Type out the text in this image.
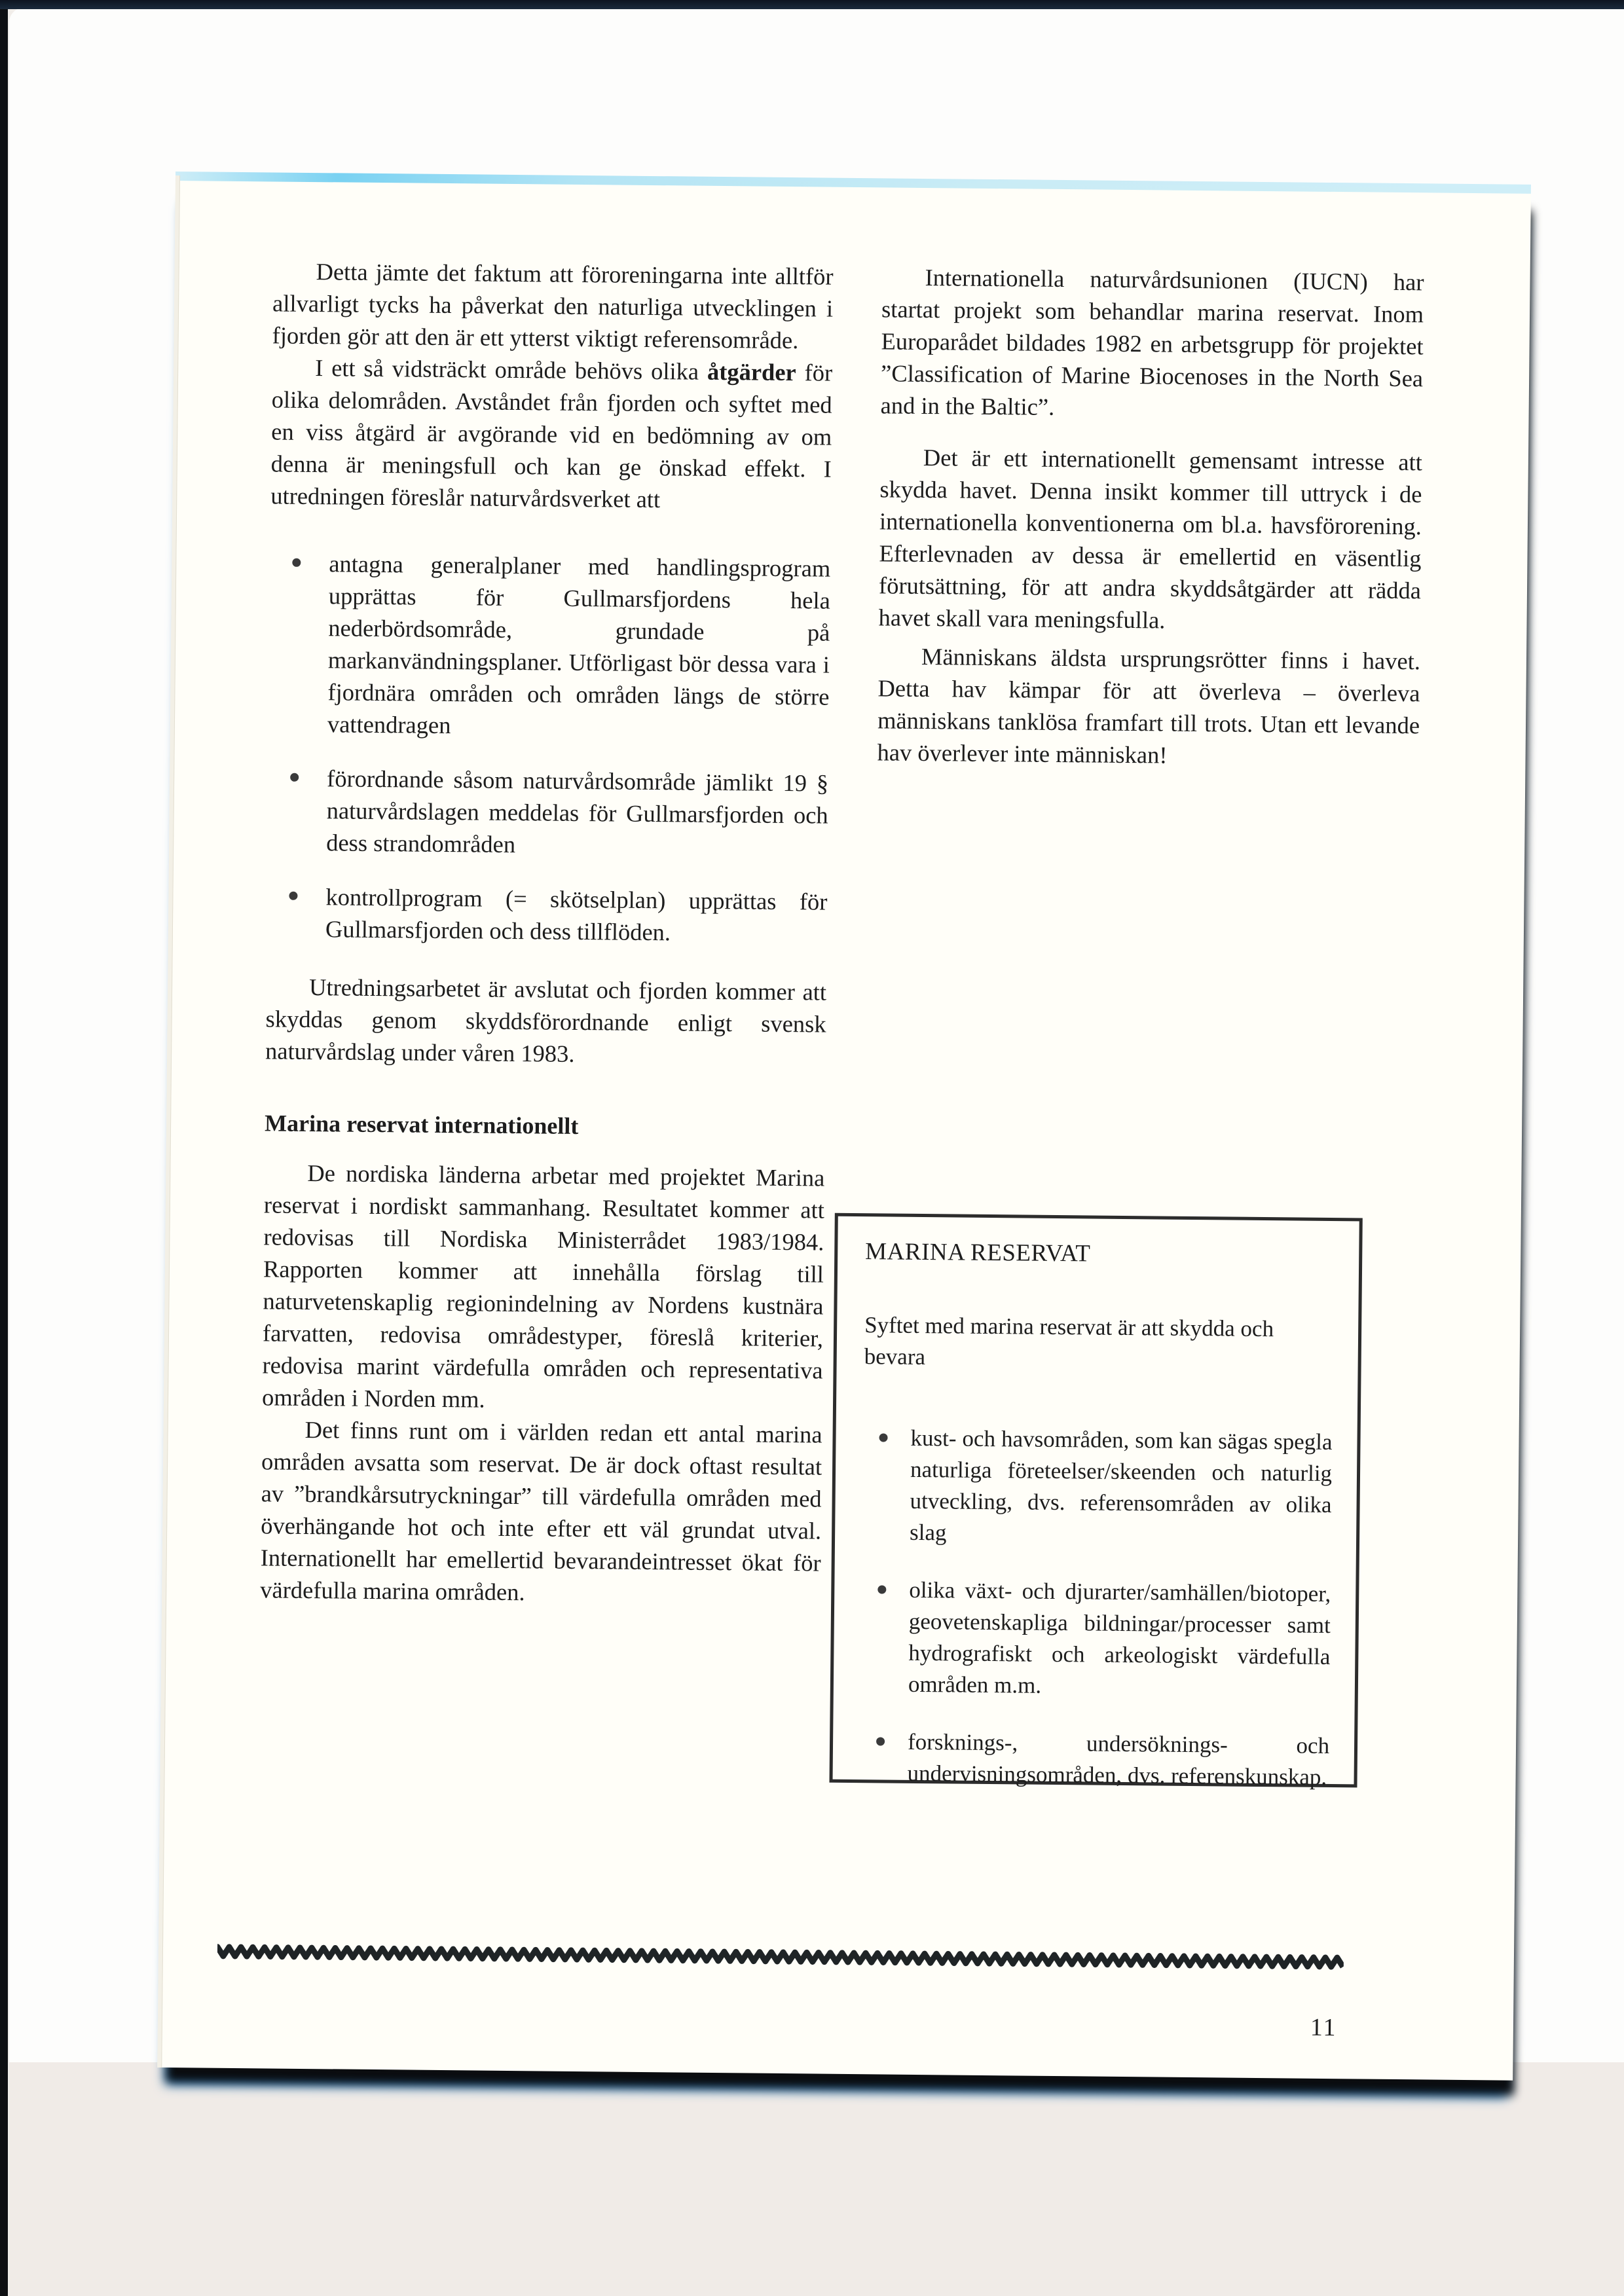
Detta jämte det faktum att föroreningarna inte alltför allvarligt tycks ha påverkat den naturliga utvecklingen i fjorden gör att den är ett ytterst viktigt referensområde.

I ett så vidsträckt område behövs olika åtgärder för olika delområden. Avståndet från fjorden och syftet med en viss åtgärd är avgörande vid en bedömning av om denna är meningsfull och kan ge önskad effekt. I utredningen föreslår naturvårdsverket att

antagna generalplaner med handlingsprogram upprättas för Gullmarsfjordens hela nederbördsområde, grundade på markanvändningsplaner. Utförligast bör dessa vara i fjordnära områden och områden längs de större vattendragen
förordnande såsom naturvårdsområde jämlikt 19 § naturvårdslagen meddelas för Gullmarsfjorden och dess strandområden
kontrollprogram (= skötselplan) upprättas för Gullmarsfjorden och dess tillflöden.

Utredningsarbetet är avslutat och fjorden kommer att skyddas genom skyddsförordnande enligt svensk naturvårdslag under våren 1983.

Marina reservat internationellt

De nordiska länderna arbetar med projektet Marina reservat i nordiskt sammanhang. Resultatet kommer att redovisas till Nordiska Ministerrådet 1983/1984. Rapporten kommer att innehålla förslag till naturvetenskaplig regionindelning av Nordens kustnära farvatten, redovisa områdestyper, föreslå kriterier, redovisa marint värdefulla områden och representativa områden i Norden mm.

Det finns runt om i världen redan ett antal marina områden avsatta som reservat. De är dock oftast resultat av ”brandkårsutryckningar” till värdefulla områden med överhängande hot och inte efter ett väl grundat utval. Internationellt har emellertid bevarandeintresset ökat för värdefulla marina områden.

Internationella naturvårdsunionen (IUCN) har startat projekt som behandlar marina reservat. Inom Europarådet bildades 1982 en arbetsgrupp för projektet ”Classification of Marine Biocenoses in the North Sea and in the Baltic”.

Det är ett internationellt gemensamt intresse att skydda havet. Denna insikt kommer till uttryck i de internationella konventionerna om bl.a. havsförorening. Efterlevnaden av dessa är emellertid en väsentlig förutsättning, för att andra skyddsåtgärder att rädda havet skall vara meningsfulla.

Människans äldsta ursprungsrötter finns i havet. Detta hav kämpar för att överleva – överleva människans tanklösa framfart till trots. Utan ett levande hav överlever inte människan!

MARINA RESERVAT
Syftet med marina reservat är att skydda och bevara
kust- och havsområden, som kan sägas spegla naturliga företeelser/skeenden och naturlig utveckling, dvs. referensområden av olika slag
olika växt- och djurarter/samhällen/biotoper, geovetenskapliga bildningar/processer samt hydrografiskt och arkeologiskt värdefulla områden m.m.
forsknings-, undersöknings- och undervisningsområden, dvs. referenskunskap.
11
